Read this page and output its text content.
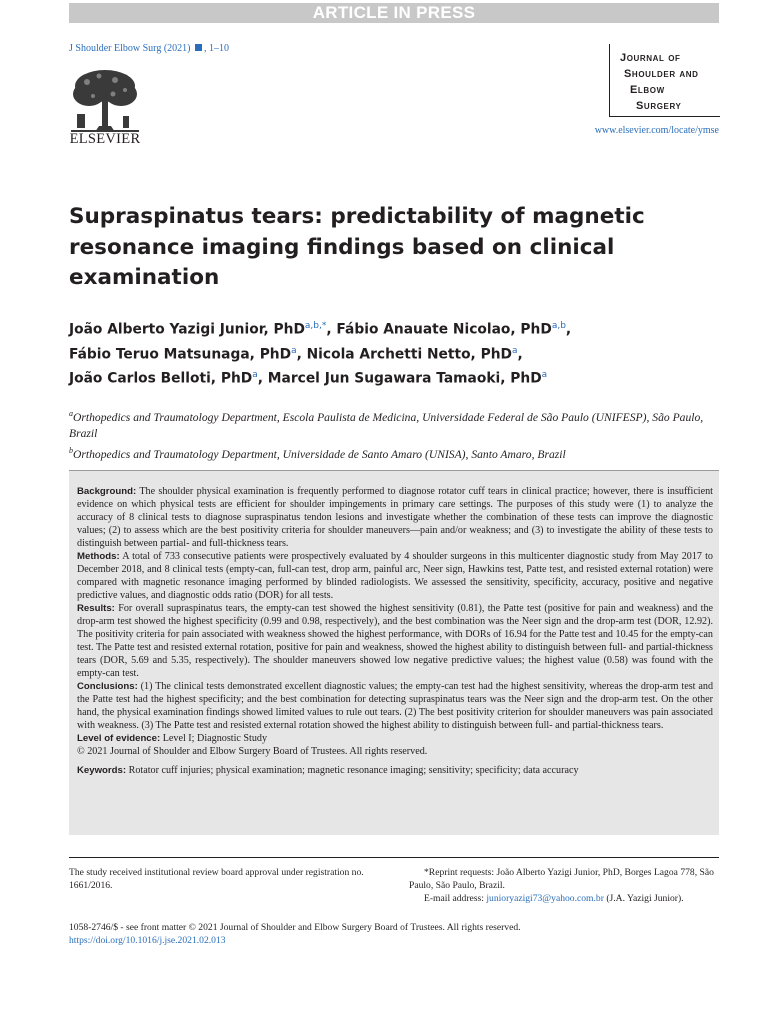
ARTICLE IN PRESS
J Shoulder Elbow Surg (2021) , 1–10
ELSEVIER
Journal of
Shoulder and
Elbow
Surgery
www.elsevier.com/locate/ymse
Supraspinatus tears: predictability of magnetic resonance imaging findings based on clinical examination
João Alberto Yazigi Junior, PhD$^{a,b,*}$, Fábio Anauate Nicolao, PhD$^{a,b}$,
Fábio Teruo Matsunaga, PhD$^a$, Nicola Archetti Netto, PhD$^a$,
João Carlos Belloti, PhD$^a$, Marcel Jun Sugawara Tamaoki, PhD$^a$
$^a$Orthopedics and Traumatology Department, Escola Paulista de Medicina, Universidade Federal de São Paulo (UNIFESP), São Paulo, Brazil
$^b$Orthopedics and Traumatology Department, Universidade de Santo Amaro (UNISA), Santo Amaro, Brazil

Background: The shoulder physical examination is frequently performed to diagnose rotator cuff tears in clinical practice; however, there is insufficient evidence on which physical tests are efficient for shoulder impingements in primary care settings. The purposes of this study were (1) to analyze the accuracy of 8 clinical tests to diagnose supraspinatus tendon lesions and investigate whether the combination of these tests can improve the diagnostic values; (2) to assess which are the best positivity criteria for shoulder maneuvers—pain and/or weakness; and (3) to investigate the ability of these tests to distinguish between partial- and full-thickness tears.

Methods: A total of 733 consecutive patients were prospectively evaluated by 4 shoulder surgeons in this multicenter diagnostic study from May 2017 to December 2018, and 8 clinical tests (empty-can, full-can test, drop arm, painful arc, Neer sign, Hawkins test, Patte test, and resisted external rotation) were compared with magnetic resonance imaging performed by blinded radiologists. We assessed the sensitivity, specificity, accuracy, positive and negative predictive values, and diagnostic odds ratio (DOR) for all tests.

Results: For overall supraspinatus tears, the empty-can test showed the highest sensitivity (0.81), the Patte test (positive for pain and weakness) and the drop-arm test showed the highest specificity (0.99 and 0.98, respectively), and the best combination was the Neer sign and the drop-arm test (DOR, 12.92). The positivity criteria for pain associated with weakness showed the highest performance, with DORs of 16.94 for the Patte test and 10.45 for the empty-can test. The Patte test and resisted external rotation, positive for pain and weakness, showed the highest ability to distinguish between full- and partial-thickness tears (DOR, 5.69 and 5.35, respectively). The shoulder maneuvers showed low negative predictive values; the highest value (0.58) was found with the empty-can test.

Conclusions: (1) The clinical tests demonstrated excellent diagnostic values; the empty-can test had the highest sensitivity, whereas the drop-arm test and the Patte test had the highest specificity; and the best combination for detecting supraspinatus tears was the Neer sign and the drop-arm test. On the other hand, the physical examination findings showed limited values to rule out tears. (2) The best positivity criterion for shoulder maneuvers was pain associated with weakness. (3) The Patte test and resisted external rotation showed the highest ability to distinguish between full- and partial-thickness tears.

Level of evidence: Level I; Diagnostic Study

© 2021 Journal of Shoulder and Elbow Surgery Board of Trustees. All rights reserved.

Keywords: Rotator cuff injuries; physical examination; magnetic resonance imaging; sensitivity; specificity; data accuracy

The study received institutional review board approval under registration no. 1661/2016.
*Reprint requests: João Alberto Yazigi Junior, PhD, Borges Lagoa 778, São Paulo, São Paulo, Brazil.
E-mail address: junioryazigi73@yahoo.com.br (J.A. Yazigi Junior).
1058-2746/$ - see front matter © 2021 Journal of Shoulder and Elbow Surgery Board of Trustees. All rights reserved.
https://doi.org/10.1016/j.jse.2021.02.013
